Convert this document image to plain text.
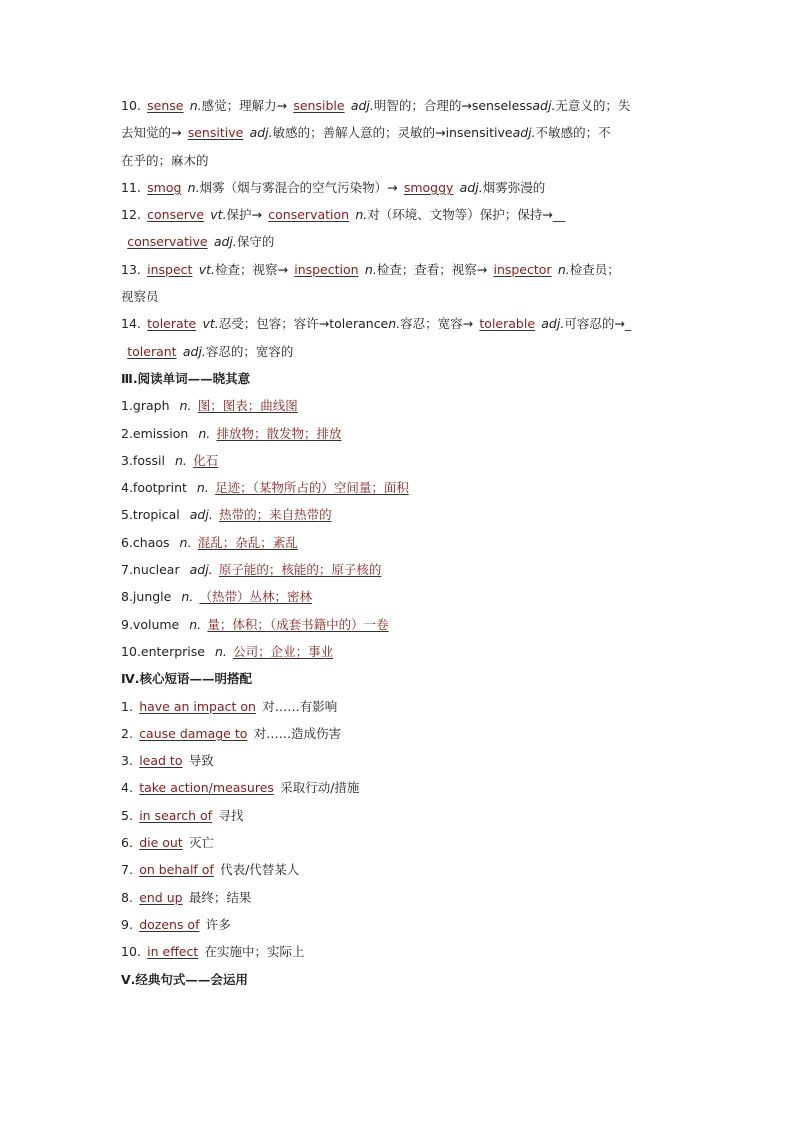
10. sense n.感觉；理解力→ sensible adj.明智的；合理的→senselessadj.无意义的；失
去知觉的→ sensitive adj.敏感的；善解人意的；灵敏的→insensitiveadj.不敏感的；不
在乎的；麻木的
11. smog n.烟雾（烟与雾混合的空气污染物）→ smoggy adj.烟雾弥漫的
12. conserve vt.保护→ conservation n.对（环境、文物等）保护；保持→__
conservative adj.保守的
13. inspect vt.检查；视察→ inspection n.检查；查看；视察→ inspector n.检查员；
视察员
14. tolerate vt.忍受；包容；容许→tolerancen.容忍；宽容→ tolerable adj.可容忍的→_
tolerant adj.容忍的；宽容的
Ⅲ.阅读单词——晓其意
1.graph n. 图；图表；曲线图
2.emission n. 排放物；散发物；排放
3.fossil n. 化石
4.footprint n. 足迹；（某物所占的）空间量；面积
5.tropical adj. 热带的；来自热带的
6.chaos n. 混乱；杂乱；紊乱
7.nuclear adj. 原子能的；核能的；原子核的
8.jungle n. （热带）丛林；密林
9.volume n. 量；体积；（成套书籍中的）一卷
10.enterprise n. 公司；企业；事业
Ⅳ.核心短语——明搭配
1. have an impact on 对……有影响
2. cause damage to 对……造成伤害
3. lead to 导致
4. take action/measures 采取行动/措施
5. in search of 寻找
6. die out 灭亡
7. on behalf of 代表/代替某人
8. end up 最终；结果
9. dozens of 许多
10. in effect 在实施中；实际上
Ⅴ.经典句式——会运用
